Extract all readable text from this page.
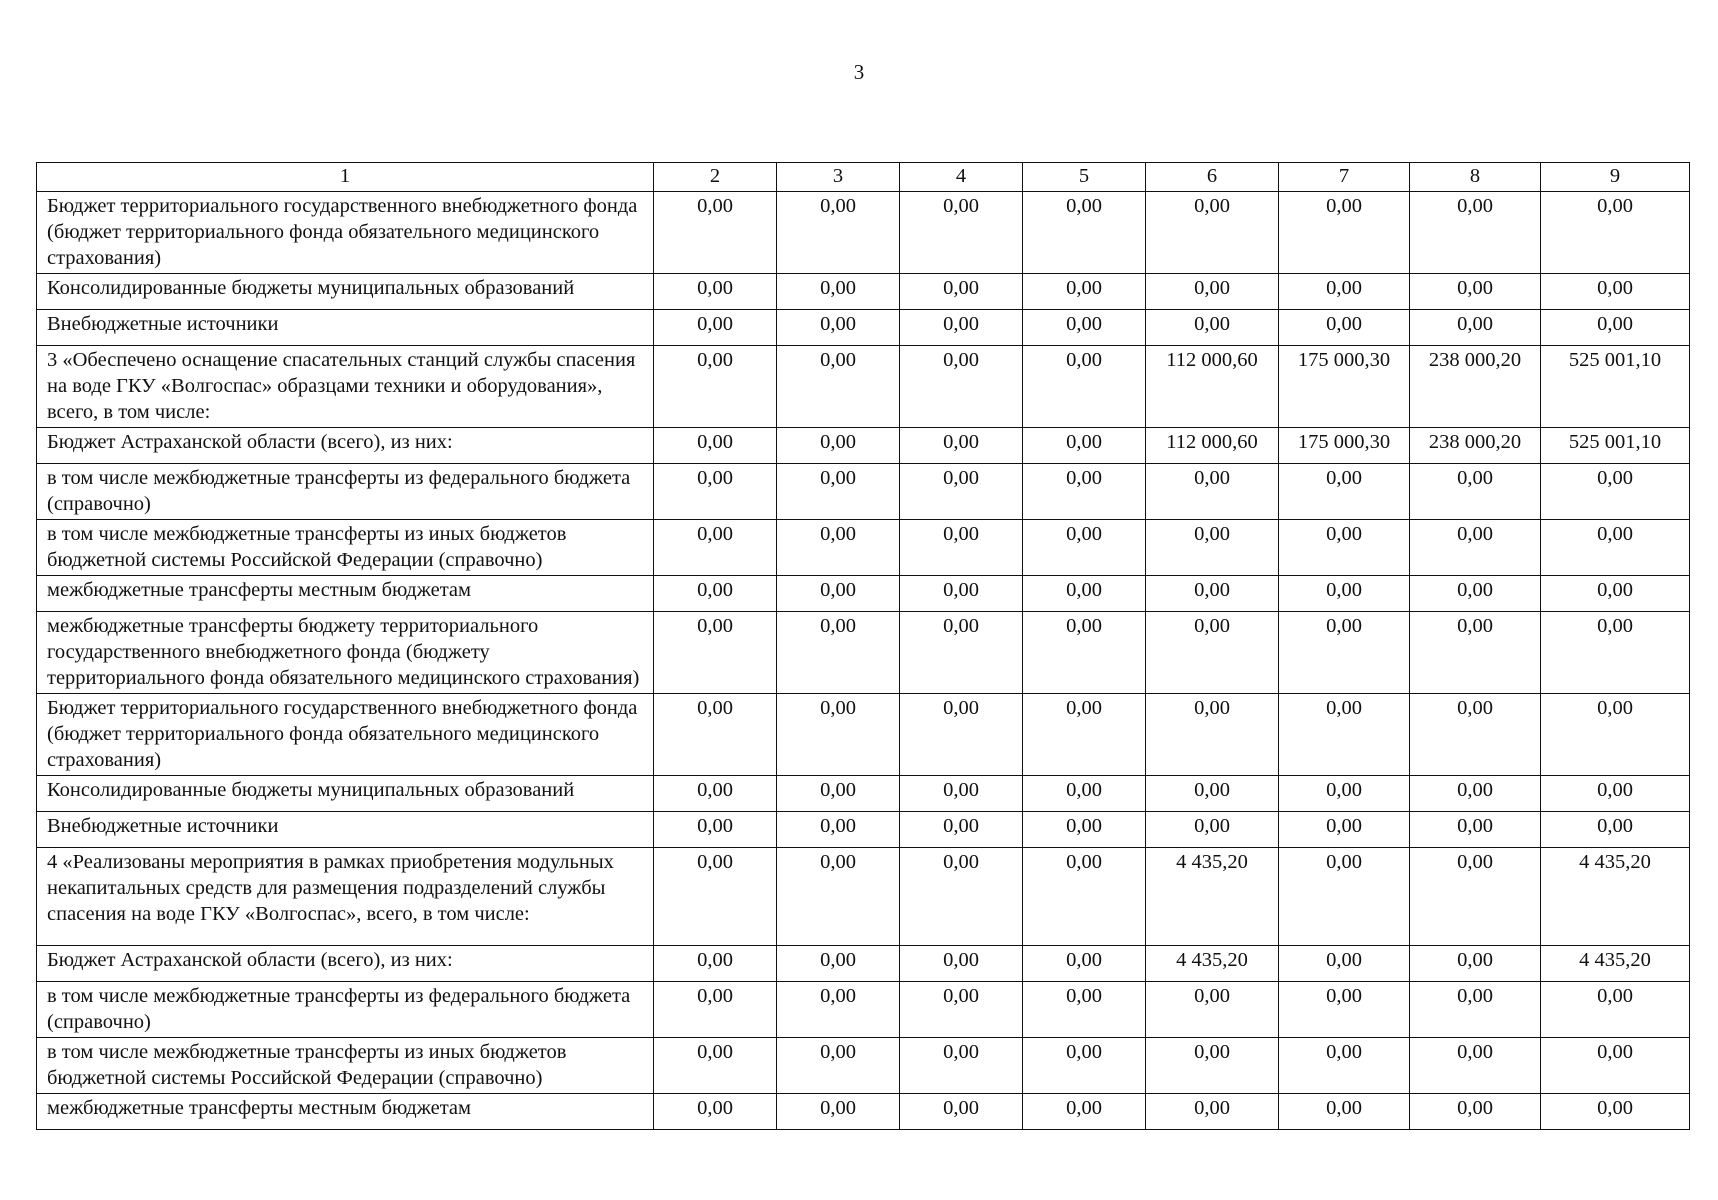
3
1	2	3	4	5	6	7	8	9
Бюджет территориального государственного внебюджетного фонда (бюджет территориального фонда обязательного медицинского страхования)	0,00	0,00	0,00	0,00	0,00	0,00	0,00	0,00
Консолидированные бюджеты муниципальных образований	0,00	0,00	0,00	0,00	0,00	0,00	0,00	0,00
Внебюджетные источники	0,00	0,00	0,00	0,00	0,00	0,00	0,00	0,00
3 «Обеспечено оснащение спасательных станций службы спасения на воде ГКУ «Волгоспас» образцами техники и оборудования», всего, в том числе:	0,00	0,00	0,00	0,00	112 000,60	175 000,30	238 000,20	525 001,10
Бюджет Астраханской области (всего), из них:	0,00	0,00	0,00	0,00	112 000,60	175 000,30	238 000,20	525 001,10
в том числе межбюджетные трансферты из федерального бюджета (справочно)	0,00	0,00	0,00	0,00	0,00	0,00	0,00	0,00
в том числе межбюджетные трансферты из иных бюджетов бюджетной системы Российской Федерации (справочно)	0,00	0,00	0,00	0,00	0,00	0,00	0,00	0,00
межбюджетные трансферты местным бюджетам	0,00	0,00	0,00	0,00	0,00	0,00	0,00	0,00
межбюджетные трансферты бюджету территориального государственного внебюджетного фонда (бюджету территориального фонда обязательного медицинского страхования)	0,00	0,00	0,00	0,00	0,00	0,00	0,00	0,00
Бюджет территориального государственного внебюджетного фонда (бюджет территориального фонда обязательного медицинского страхования)	0,00	0,00	0,00	0,00	0,00	0,00	0,00	0,00
Консолидированные бюджеты муниципальных образований	0,00	0,00	0,00	0,00	0,00	0,00	0,00	0,00
Внебюджетные источники	0,00	0,00	0,00	0,00	0,00	0,00	0,00	0,00
4 «Реализованы мероприятия в рамках приобретения модульных некапитальных средств для размещения подразделений службы спасения на воде ГКУ «Волгоспас», всего, в том числе:	0,00	0,00	0,00	0,00	4 435,20	0,00	0,00	4 435,20
Бюджет Астраханской области (всего), из них:	0,00	0,00	0,00	0,00	4 435,20	0,00	0,00	4 435,20
в том числе межбюджетные трансферты из федерального бюджета (справочно)	0,00	0,00	0,00	0,00	0,00	0,00	0,00	0,00
в том числе межбюджетные трансферты из иных бюджетов бюджетной системы Российской Федерации (справочно)	0,00	0,00	0,00	0,00	0,00	0,00	0,00	0,00
межбюджетные трансферты местным бюджетам	0,00	0,00	0,00	0,00	0,00	0,00	0,00	0,00
